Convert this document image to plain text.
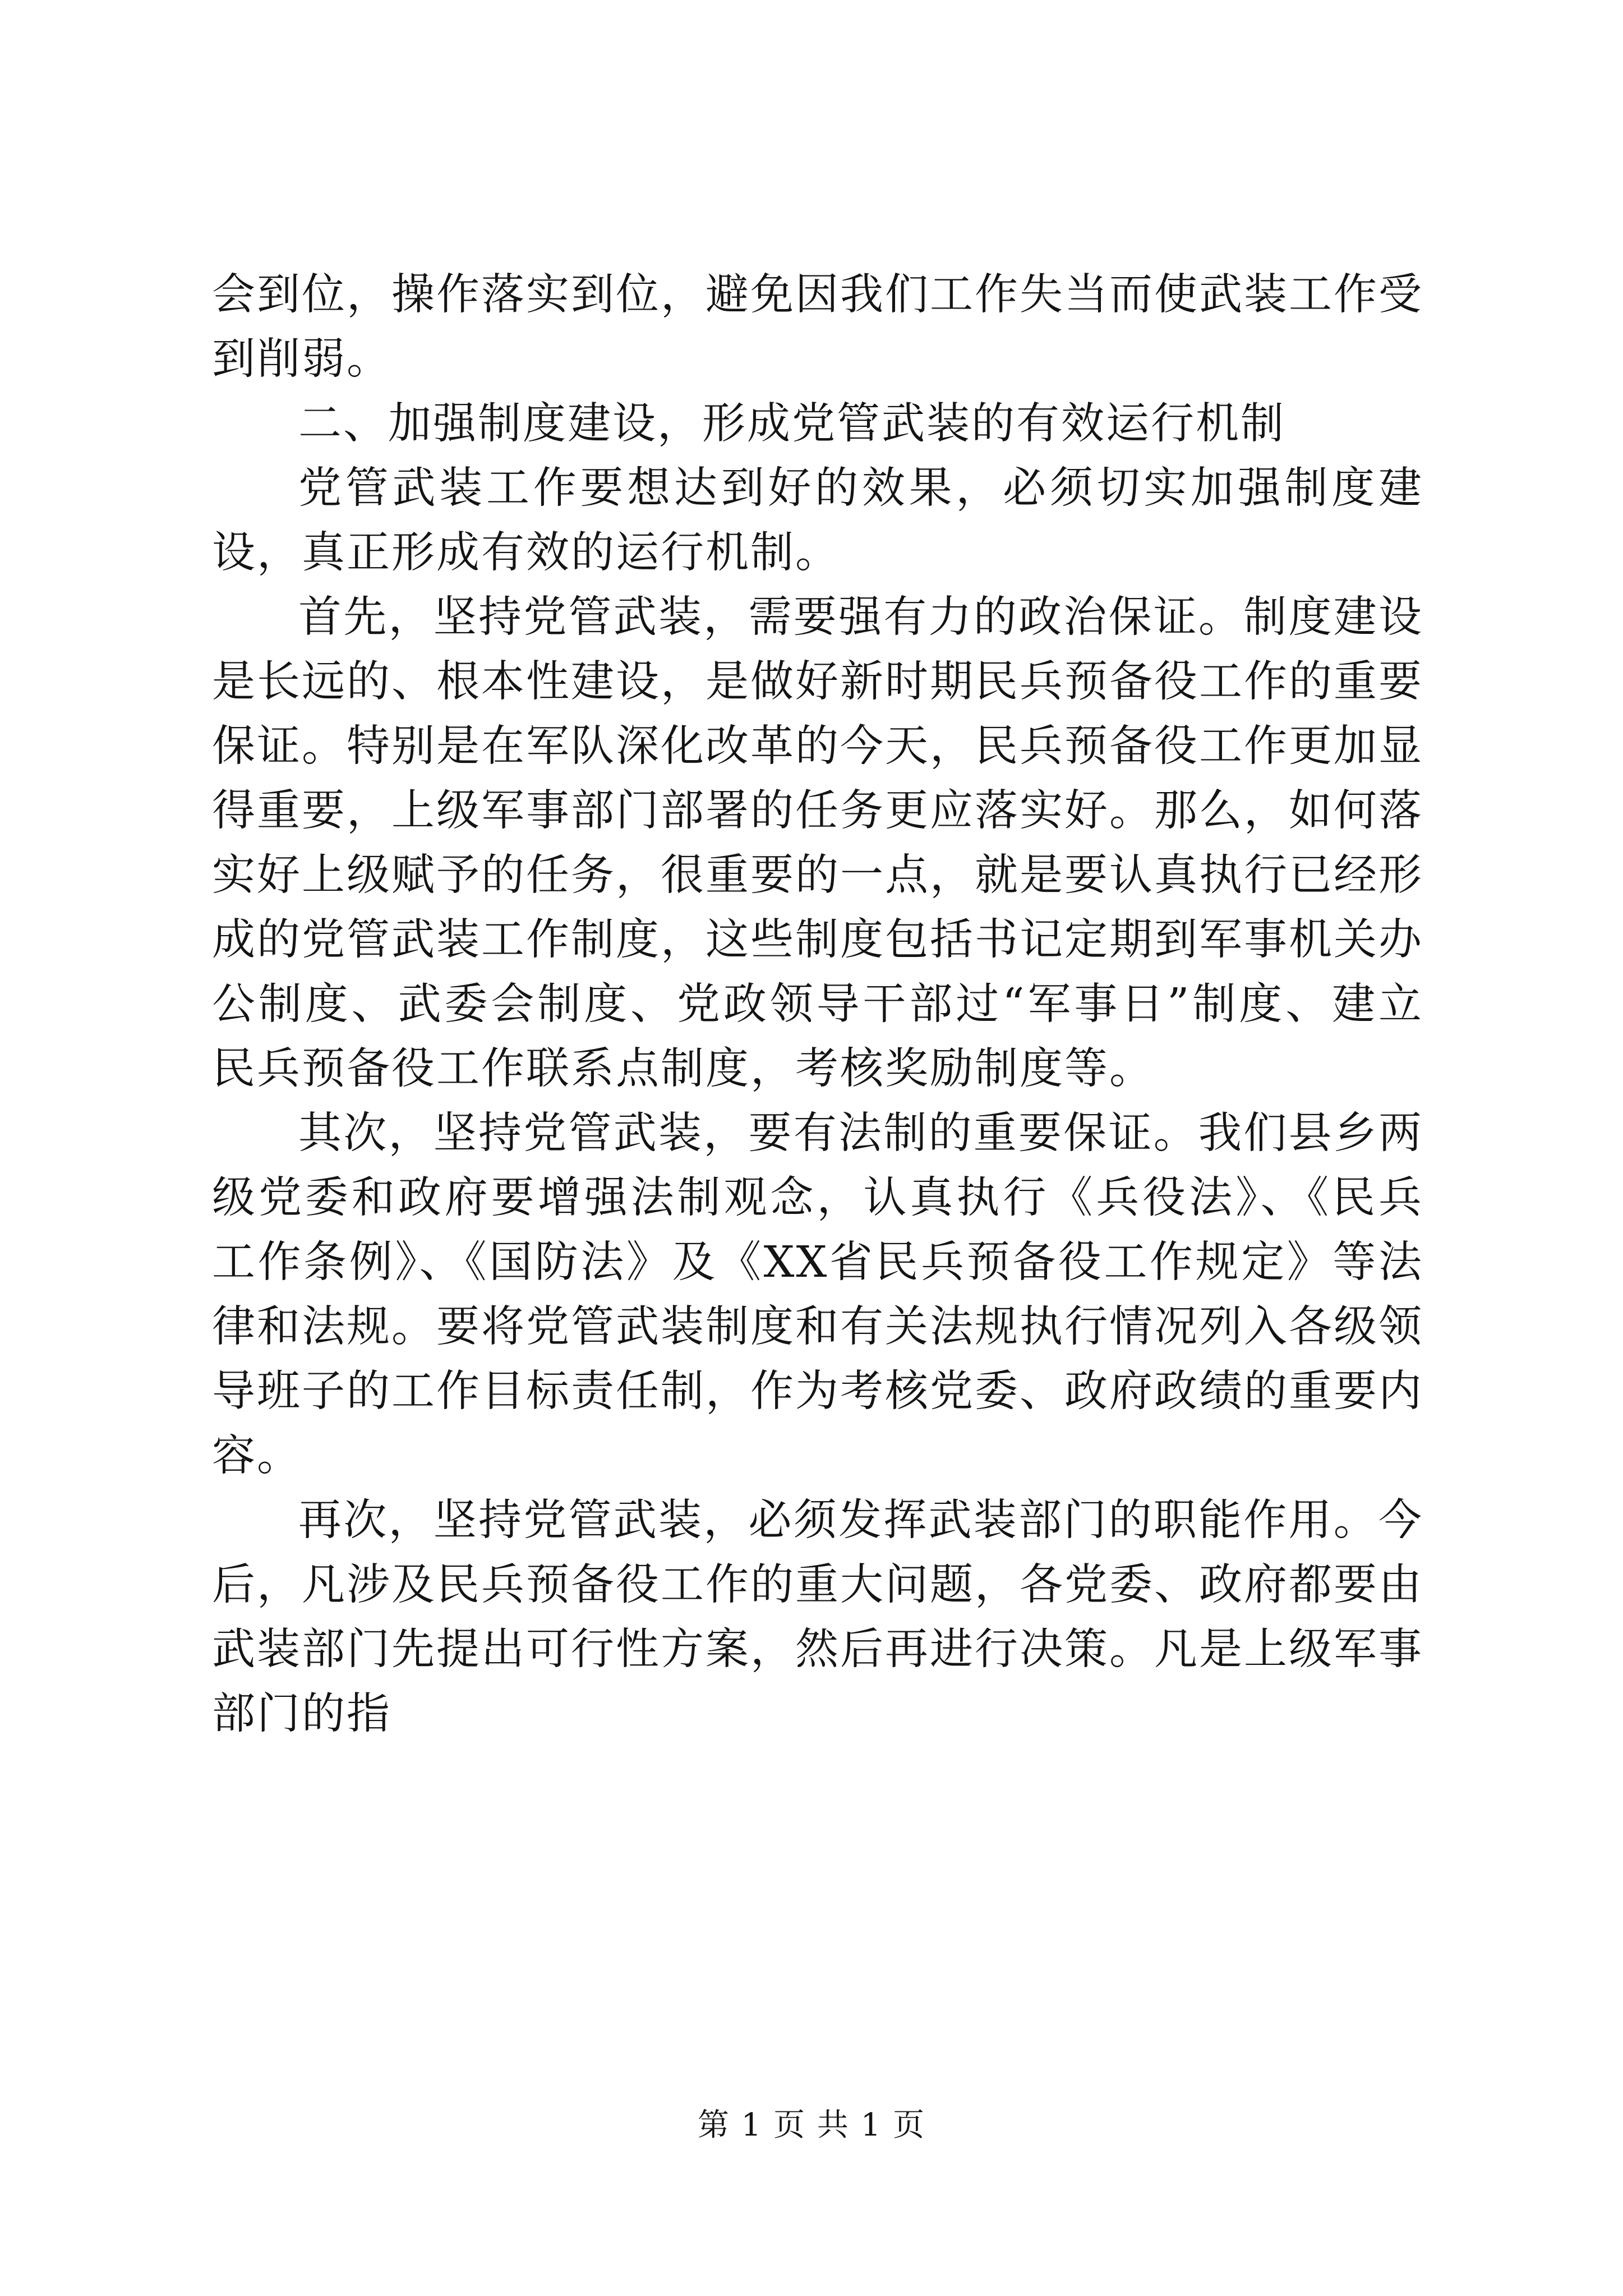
会到位，操作落实到位，避免因我们工作失当而使武装工作受到削弱。

二、加强制度建设，形成党管武装的有效运行机制

党管武装工作要想达到好的效果，必须切实加强制度建设，真正形成有效的运行机制。

首先，坚持党管武装，需要强有力的政治保证。制度建设是长远的、根本性建设，是做好新时期民兵预备役工作的重要保证。特别是在军队深化改革的今天，民兵预备役工作更加显得重要，上级军事部门部署的任务更应落实好。那么，如何落实好上级赋予的任务，很重要的一点，就是要认真执行已经形成的党管武装工作制度，这些制度包括书记定期到军事机关办公制度、武委会制度、党政领导干部过“军事日”制度、建立民兵预备役工作联系点制度，考核奖励制度等。

其次，坚持党管武装，要有法制的重要保证。我们县乡两级党委和政府要增强法制观念，认真执行《兵役法》、《民兵工作条例》、《国防法》及《XX省民兵预备役工作规定》等法律和法规。要将党管武装制度和有关法规执行情况列入各级领导班子的工作目标责任制，作为考核党委、政府政绩的重要内容。

再次，坚持党管武装，必须发挥武装部门的职能作用。今后，凡涉及民兵预备役工作的重大问题，各党委、政府都要由武装部门先提出可行性方案，然后再进行决策。凡是上级军事部门的指

第 1 页 共 1 页
